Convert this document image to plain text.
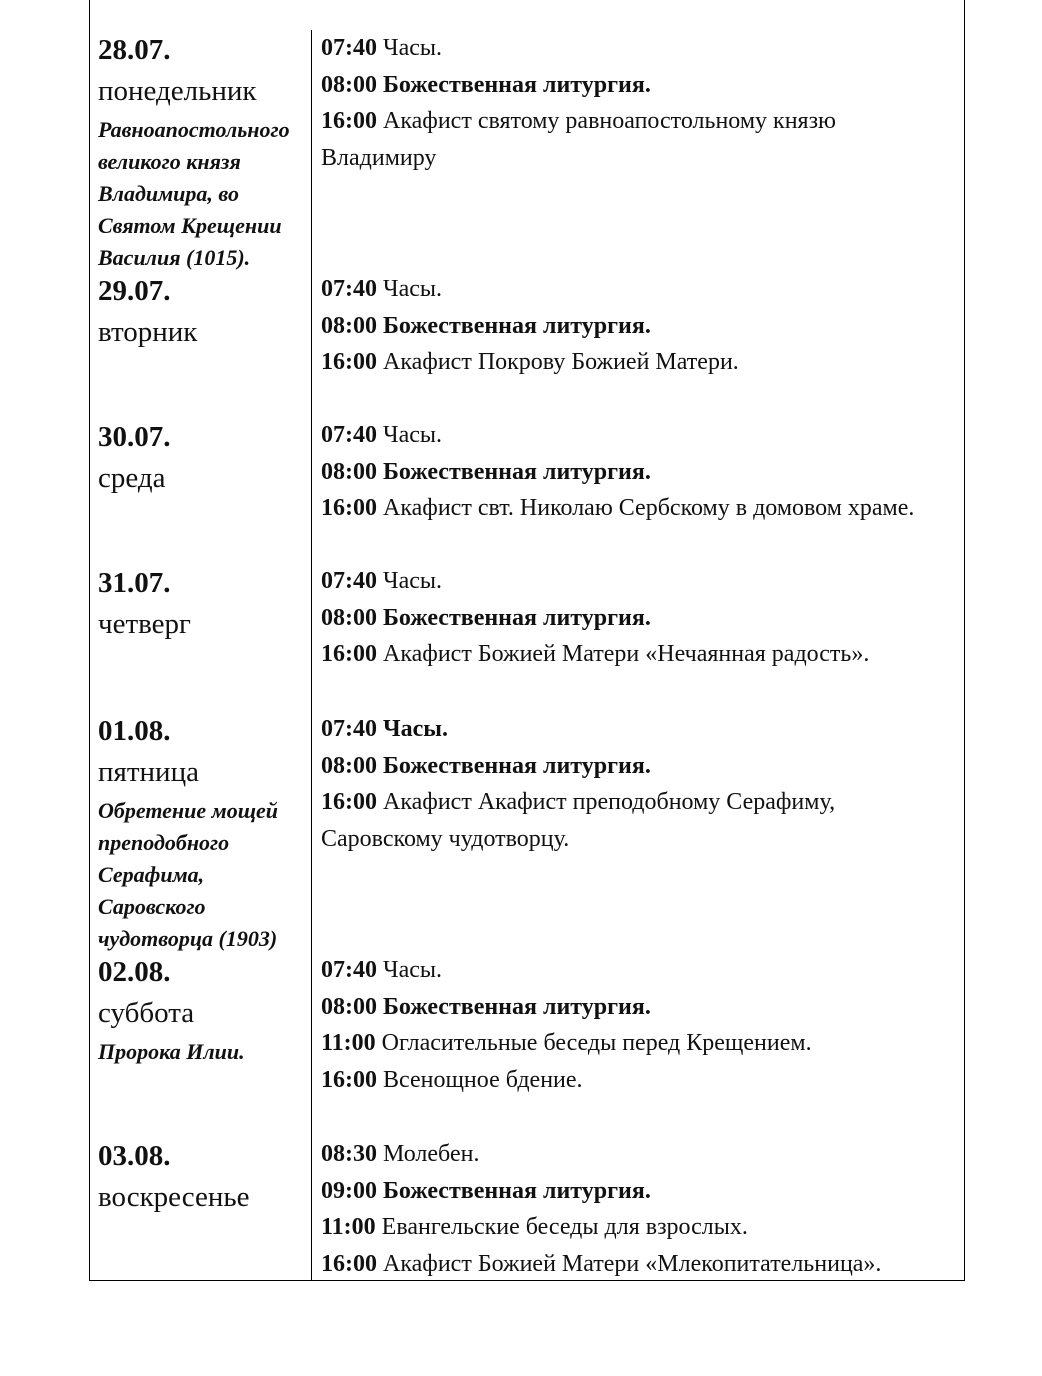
28.07.

понедельник

Равноапостольного великого князя Владимира, во Святом Крещении Василия (1015).

07:40 Часы.

08:00 Божественная литургия.

16:00 Акафист святому равноапостольному князю Владимиру

29.07.

вторник

07:40 Часы.

08:00 Божественная литургия.

16:00 Акафист Покрову Божией Матери.

30.07.

среда

07:40 Часы.

08:00 Божественная литургия.

16:00 Акафист свт. Николаю Сербскому в домовом храме.

31.07.

четверг

07:40 Часы.

08:00 Божественная литургия.

16:00 Акафист Божией Матери «Нечаянная радость».

01.08.

пятница

Обретение мощей преподобного Серафима, Саровского чудотворца (1903)

07:40 Часы.

08:00 Божественная литургия.

16:00 Акафист Акафист преподобному Серафиму, Саровскому чудотворцу.

02.08.

суббота

Пророка Илии.

07:40 Часы.

08:00 Божественная литургия.

11:00 Огласительные беседы перед Крещением.

16:00 Всенощное бдение.

03.08.

воскресенье

08:30 Молебен.

09:00 Божественная литургия.

11:00 Евангельские беседы для взрослых.

16:00 Акафист Божией Матери «Млекопитательница».
